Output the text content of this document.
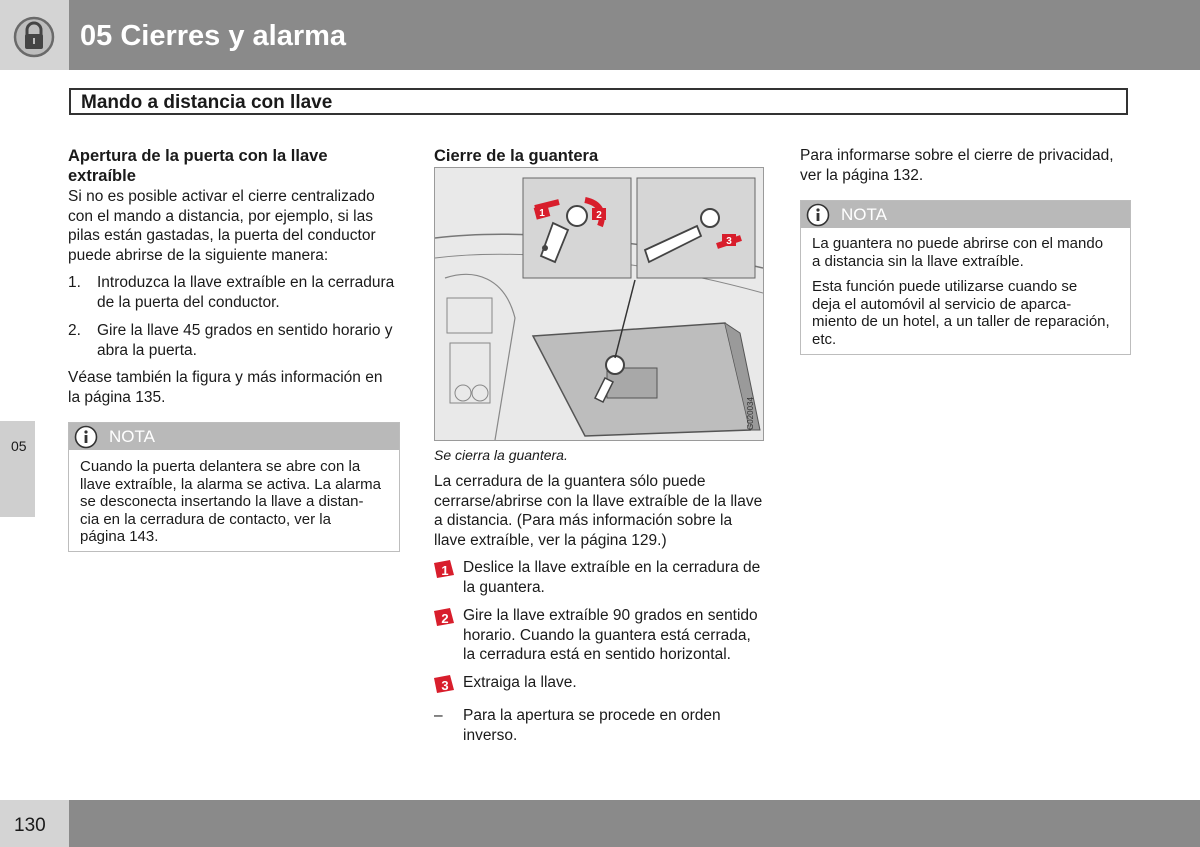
05 Cierres y alarma
Mando a distancia con llave
05
Apertura de la puerta con la llave extraíble
Si no es posible activar el cierre centralizado
con el mando a distancia, por ejemplo, si las
pilas están gastadas, la puerta del conductor
puede abrirse de la siguiente manera:
1. Introduzca la llave extraíble en la cerradura
de la puerta del conductor.
2. Gire la llave 45 grados en sentido horario y
abra la puerta.
Véase también la figura y más información en
la página 135.
NOTA
Cuando la puerta delantera se abre con la
llave extraíble, la alarma se activa. La alarma
se desconecta insertando la llave a distan-
cia en la cerradura de contacto, ver la
página 143.
Cierre de la guantera
1	2
3
G020034
Se cierra la guantera.
La cerradura de la guantera sólo puede
cerrarse/abrirse con la llave extraíble de la llave
a distancia. (Para más información sobre la
llave extraíble, ver la página 129.)
1 Deslice la llave extraíble en la cerradura de
la guantera.
2 Gire la llave extraíble 90 grados en sentido
horario. Cuando la guantera está cerrada,
la cerradura está en sentido horizontal.
3 Extraiga la llave.
– Para la apertura se procede en orden
inverso.
Para informarse sobre el cierre de privacidad,
ver la página 132.
NOTA
La guantera no puede abrirse con el mando
a distancia sin la llave extraíble.
Esta función puede utilizarse cuando se
deja el automóvil al servicio de aparca-
miento de un hotel, a un taller de reparación,
etc.
130
